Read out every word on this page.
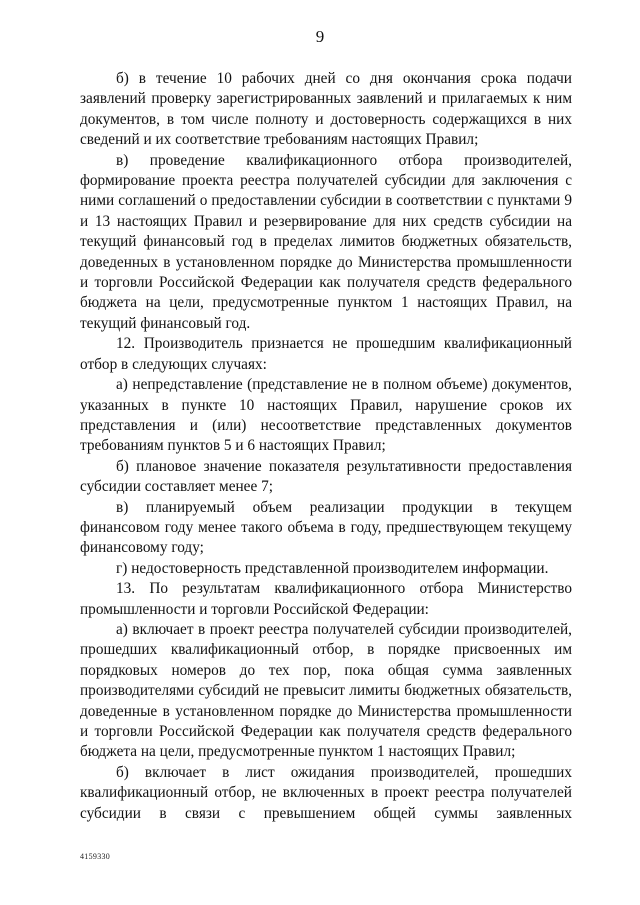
9

б) в течение 10 рабочих дней со дня окончания срока подачи заявлений проверку зарегистрированных заявлений и прилагаемых к ним документов, в том числе полноту и достоверность содержащихся в них сведений и их соответствие требованиям настоящих Правил;

в) проведение квалификационного отбора производителей, формирование проекта реестра получателей субсидии для заключения с ними соглашений о предоставлении субсидии в соответствии с пунктами 9 и 13 настоящих Правил и резервирование для них средств субсидии на текущий финансовый год в пределах лимитов бюджетных обязательств, доведенных в установленном порядке до Министерства промышленности и торговли Российской Федерации как получателя средств федерального бюджета на цели, предусмотренные пунктом 1 настоящих Правил, на текущий финансовый год.

12. Производитель признается не прошедшим квалификационный отбор в следующих случаях:

а) непредставление (представление не в полном объеме) документов, указанных в пункте 10 настоящих Правил, нарушение сроков их представления и (или) несоответствие представленных документов требованиям пунктов 5 и 6 настоящих Правил;

б) плановое значение показателя результативности предоставления субсидии составляет менее 7;

в) планируемый объем реализации продукции в текущем финансовом году менее такого объема в году, предшествующем текущему финансовому году;

г) недостоверность представленной производителем информации.

13. По результатам квалификационного отбора Министерство промышленности и торговли Российской Федерации:

а) включает в проект реестра получателей субсидии производителей, прошедших квалификационный отбор, в порядке присвоенных им порядковых номеров до тех пор, пока общая сумма заявленных производителями субсидий не превысит лимиты бюджетных обязательств, доведенные в установленном порядке до Министерства промышленности и торговли Российской Федерации как получателя средств федерального бюджета на цели, предусмотренные пунктом 1 настоящих Правил;

б) включает в лист ожидания производителей, прошедших квалификационный отбор, не включенных в проект реестра получателей субсидии в связи с превышением общей суммы заявленных

4159330
